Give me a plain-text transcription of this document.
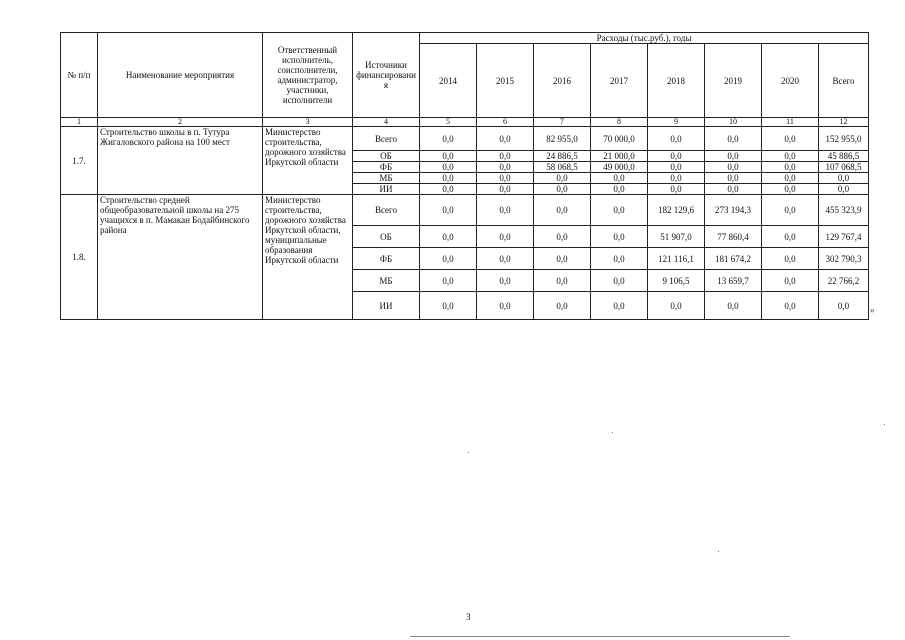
№ п/п	Наименование мероприятия	Ответственный исполнитель, соисполнители, администратор, участники, исполнители	Источники финансировани я	Расходы (тыс.руб.), годы							
				2014	2015	2016	2017	2018	2019	2020	Всего
1	2	3	4	5	6	7	8	9	10	11	12
1.7.	Строительство школы в п. Тутура Жигаловского района на 100 мест	Министерство строительства, дорожного хозяйства Иркутской области	Всего	0,0	0,0	82 955,0	70 000,0	0,0	0,0	0,0	152 955,0
			ОБ	0,0	0,0	24 886,5	21 000,0	0,0	0,0	0,0	45 886,5
			ФБ	0,0	0,0	58 068,5	49 000,0	0,0	0,0	0,0	107 068,5
			МБ	0,0	0,0	0,0	0,0	0,0	0,0	0,0	0,0
			ИИ	0,0	0,0	0,0	0,0	0,0	0,0	0,0	0,0
1.8.	Строительство средней общеобразовательной школы на 275 учащихся в п. Мамакан Бодайбинского района	Министерство строительства, дорожного хозяйства Иркутской области, муниципальные образования Иркутской области	Всего	0,0	0,0	0,0	0,0	182 129,6	273 194,3	0,0	455 323,9
			ОБ	0,0	0,0	0,0	0,0	51 907,0	77 860,4	0,0	129 767,4
			ФБ	0,0	0,0	0,0	0,0	121 116,1	181 674,2	0,0	302 790,3
			МБ	0,0	0,0	0,0	0,0	9 106,5	13 659,7	0,0	22 766,2
			ИИ	0,0	0,0	0,0	0,0	0,0	0,0	0,0	0,0 »
3
